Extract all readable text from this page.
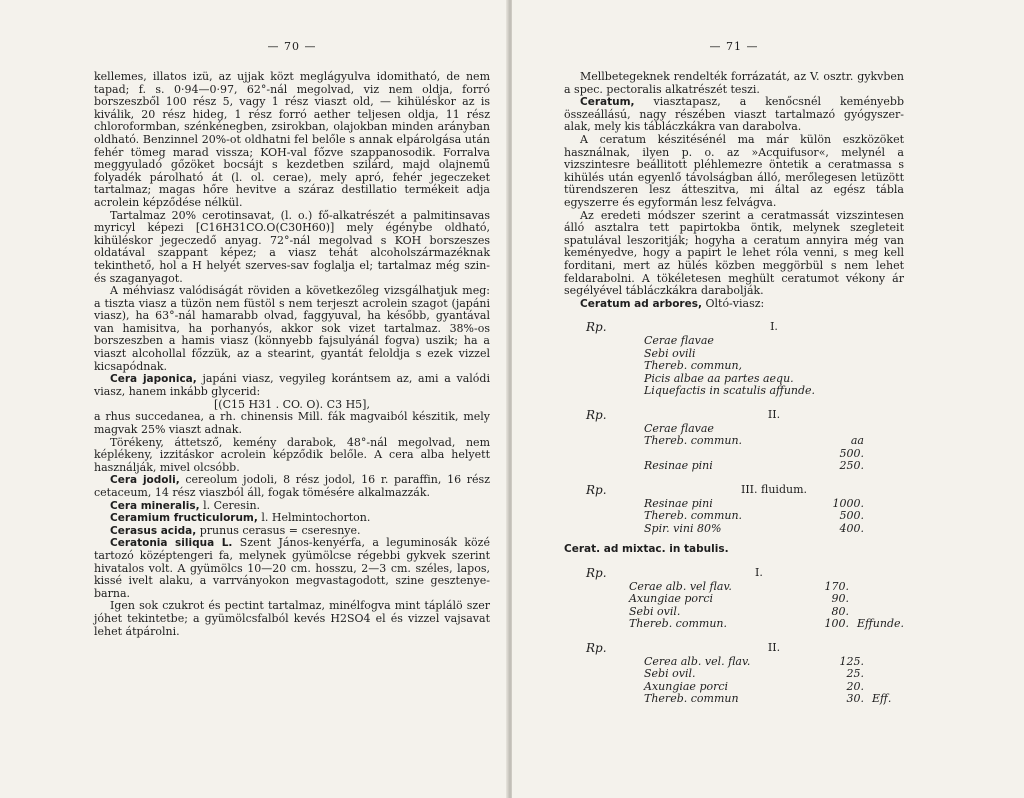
— 70 —

kellemes, illatos izü, az ujjak közt meglágyulva idomitható, de nem tapad; f. s. 0·94—0·97, 62°-nál megolvad, viz nem oldja, forró borszeszből 100 rész 5, vagy 1 rész viaszt old, — kihüléskor az is kiválik, 20 rész hideg, 1 rész forró aether teljesen oldja, 11 rész chloroformban, szénkénegben, zsirokban, olajokban minden arányban oldható. Benzinnel 20%-ot oldhatni fel belőle s annak elpárolgása után fehér tömeg marad vissza; KOH-val főzve szappanosodik. Forralva meggyuladó gőzöket bocsájt s kezdetben szilárd, majd olajnemű folyadék párolható át (l. ol. cerae), mely apró, fehér jegeczeket tartalmaz; magas hőre hevitve a száraz destillatio termékeit adja acrolein képződése nélkül.

Tartalmaz 20% cerotinsavat, (l. o.) fő-alkatrészét a palmitinsavas myricyl képezi [C16H31CO.O(C30H60)] mely égénybe oldható, kihüléskor jegeczedő anyag. 72°-nál megolvad s KOH borszeszes oldatával szappant képez; a viasz tehát alcoholszármazéknak tekinthető, hol a H helyét szerves-sav foglalja el; tartalmaz még szin- és szaganyagot.

A méhviasz valódiságát röviden a következőleg vizsgálhatjuk meg: a tiszta viasz a tüzön nem füstöl s nem terjeszt acrolein szagot (japáni viasz), ha 63°-nál hamarabb olvad, faggyuval, ha később, gyantával van hamisitva, ha porhanyós, akkor sok vizet tartalmaz. 38%-os borszeszben a hamis viasz (könnyebb fajsulyánál fogva) uszik; ha a viaszt alcohollal főzzük, az a stearint, gyantát feloldja s ezek vizzel kicsapódnak.

Cera japonica, japáni viasz, vegyileg korántsem az, ami a valódi viasz, hanem inkább glycerid:

[(C15 H31 . CO. O). C3 H5],

a rhus succedanea, a rh. chinensis Mill. fák magvaiból készitik, mely magvak 25% viaszt adnak.

Törékeny, áttetsző, kemény darabok, 48°-nál megolvad, nem képlékeny, izzitáskor acrolein képződik belőle. A cera alba helyett használják, mivel olcsóbb.

Cera jodoli, cereolum jodoli, 8 rész jodol, 16 r. paraffin, 16 rész cetaceum, 14 rész viaszból áll, fogak tömésére alkalmazzák.

Cera mineralis, l. Ceresin.

Ceramium fructiculorum, l. Helmintochorton.

Cerasus acida, prunus cerasus = cseresnye.

Ceratonia siliqua L. Szent János-kenyérfa, a leguminosák közé tartozó középtengeri fa, melynek gyümölcse régebbi gykvek szerint hivatalos volt. A gyümölcs 10—20 cm. hosszu, 2—3 cm. széles, lapos, kissé ivelt alaku, a varrványokon megvastagodott, szine gesztenye-barna.

Igen sok czukrot és pectint tartalmaz, minélfogva mint táplálö szer jóhet tekintetbe; a gyümölcsfalból kevés H2SO4 el és vizzel vajsavat lehet átpárolni.

— 71 —

Mellbetegeknek rendelték forrázatát, az V. osztr. gykvben a spec. pectoralis alkatrészét teszi.

Ceratum, viasztapasz, a kenőcsnél keményebb összeállású, nagy részében viaszt tartalmazó gyógyszer-alak, mely kis tábláczkákra van darabolva.

A ceratum készitésénél ma már külön eszközöket használnak, ilyen p. o. az »Acquifusor«, melynél a vizszintesre beállitott pléhlemezre öntetik a ceratmassa s kihülés után egyenlő távolságban álló, merőlegesen letüzött türendszeren lesz átteszitva, mi által az egész tábla egyszerre és egyformán lesz felvágva.

Az eredeti módszer szerint a ceratmassát vizszintesen álló asztalra tett papirtokba öntik, melynek szegleteit spatulával leszoritják; hogyha a ceratum annyira még van keményedve, hogy a papirt le lehet róla venni, s meg kell forditani, mert az hülés közben meggörbül s nem lehet feldarabolni. A tökéletesen meghült ceratumot vékony ár segélyével tábláczkákra darabolják.

Ceratum ad arbores, Oltó-viasz:

Rp.	I.
Cerae flavae
Sebi ovili
Thereb. commun,
Picis albae aa partes aequ.
Liquefactis in scatulis affunde.
Rp.	II.
Cerae flavae
Thereb. commun.	aa 500.
Resinae pini	250.
Rp.	III. fluidum.
Resinae pini	1000.
Thereb. commun.	500.
Spir. vini 80%	400.

Cerat. ad mixtac. in tabulis.

Rp.	I.
Cerae alb. vel flav.	170.
Axungiae porci	90.
Sebi ovil.	80.
Thereb. commun.	100. Effunde.
Rp.	II.
Cerea alb. vel. flav.	125.
Sebi ovil.	25.
Axungiae porci	20.
Thereb. commun	30. Eff.
